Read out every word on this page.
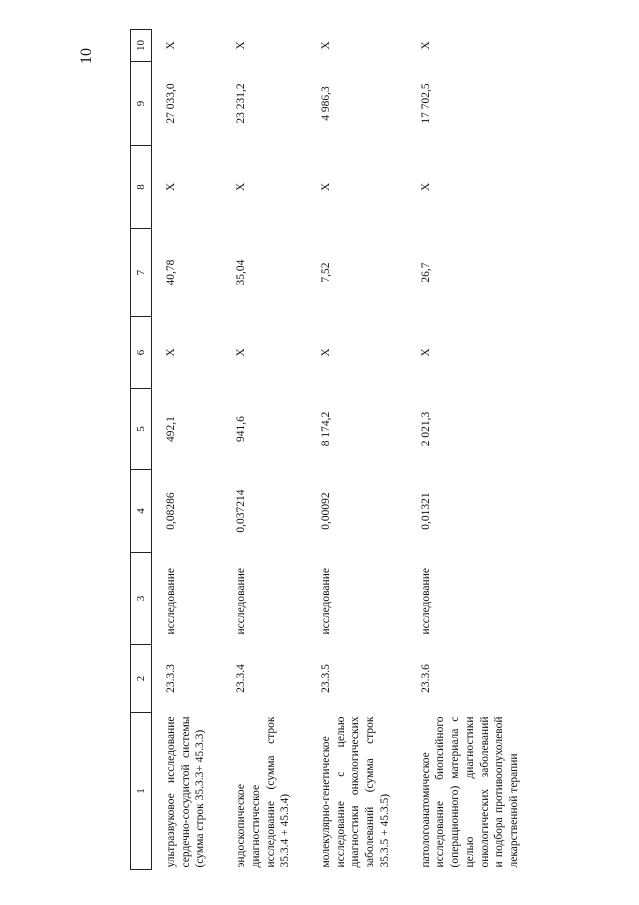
10
1	2	3	4	5	6	7	8	9	10
ультразвуковое исследование сердечно-сосудистой системы (сумма строк 35.3.3+ 45.3.3)	23.3.3	исследование	0,08286	492,1	Х	40,78	Х	27 033,0	Х
эндоскопическое диагностическое исследование (сумма строк 35.3.4 + 45.3.4)	23.3.4	исследование	0,037214	941,6	Х	35,04	Х	23 231,2	Х
молекулярно-генетическое исследование с целью диагностики онкологических заболеваний (сумма строк 35.3.5 + 45.3.5)	23.3.5	исследование	0,00092	8 174,2	Х	7,52	Х	4 986,3	Х
патологоанатомическое исследование биопсийного (операционного) материала с целью диагностики онкологических заболеваний и подбора противоопухолевой лекарственной терапии	23.3.6	исследование	0,01321	2 021,3	Х	26,7	Х	17 702,5	Х
